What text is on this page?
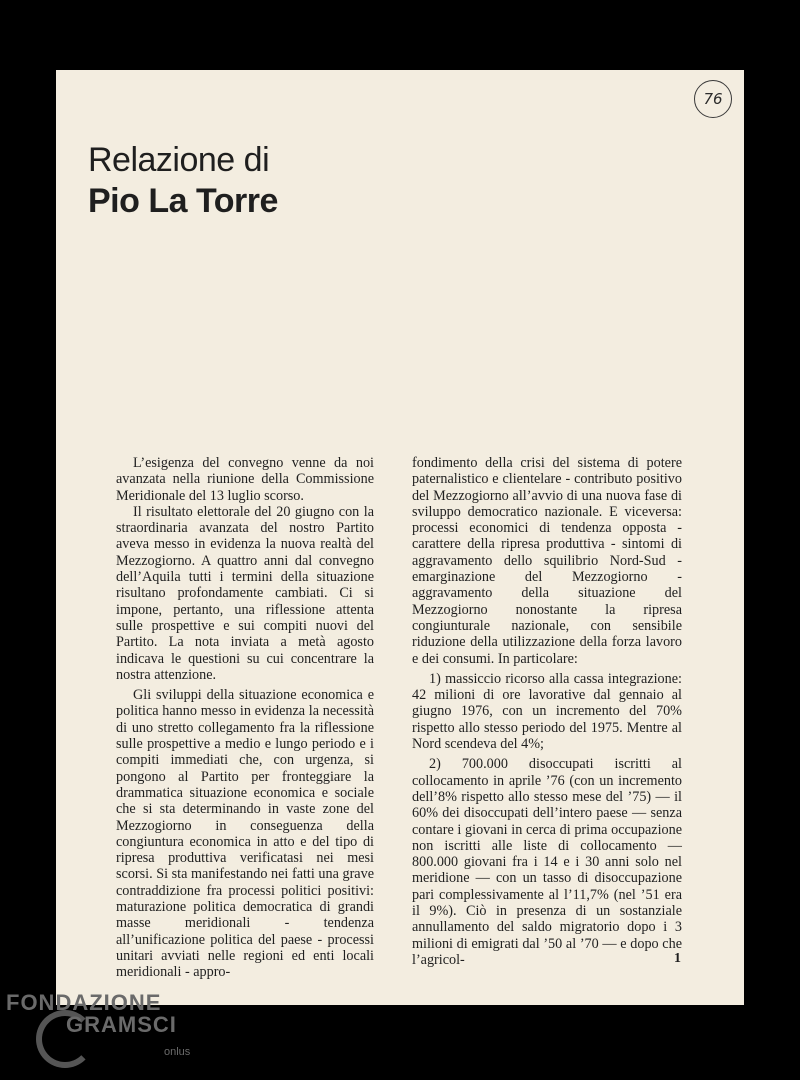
76
Relazione di
Pio La Torre

L’esigenza del convegno venne da noi avanzata nella riunione della Commissione Meridionale del 13 luglio scorso.

Il risultato elettorale del 20 giugno con la straordinaria avanzata del nostro Partito aveva messo in evidenza la nuova realtà del Mezzogiorno. A quattro anni dal convegno dell’Aquila tutti i termini della situazione risultano profondamente cambiati. Ci si impone, pertanto, una riflessione attenta sulle prospettive e sui compiti nuovi del Partito. La nota inviata a metà agosto indicava le questioni su cui concentrare la nostra attenzione.

Gli sviluppi della situazione economica e politica hanno messo in evidenza la necessità di uno stretto collegamento fra la riflessione sulle prospettive a medio e lungo periodo e i compiti immediati che, con urgenza, si pongono al Partito per fronteggiare la drammatica situazione economica e sociale che si sta determinando in vaste zone del Mezzogiorno in conseguenza della congiuntura economica in atto e del tipo di ripresa produttiva verificatasi nei mesi scorsi. Si sta manifestando nei fatti una grave contraddizione fra processi politici positivi: maturazione politica democratica di grandi masse meridionali - tendenza all’unificazione politica del paese - processi unitari avviati nelle regioni ed enti locali meridionali - appro-

fondimento della crisi del sistema di potere paternalistico e clientelare - contributo positivo del Mezzogiorno all’avvio di una nuova fase di sviluppo democratico nazionale. E viceversa: processi economici di tendenza opposta - carattere della ripresa produttiva - sintomi di aggravamento dello squilibrio Nord-Sud - emarginazione del Mezzogiorno - aggravamento della situazione del Mezzogiorno nonostante la ripresa congiunturale nazionale, con sensibile riduzione della utilizzazione della forza lavoro e dei consumi. In particolare:

1) massiccio ricorso alla cassa integrazione: 42 milioni di ore lavorative dal gennaio al giugno 1976, con un incremento del 70% rispetto allo stesso periodo del 1975. Mentre al Nord scendeva del 4%;

2) 700.000 disoccupati iscritti al collocamento in aprile ’76 (con un incremento dell’8% rispetto allo stesso mese del ’75) — il 60% dei disoccupati dell’intero paese — senza contare i giovani in cerca di prima occupazione non iscritti alle liste di collocamento — 800.000 giovani fra i 14 e i 30 anni solo nel meridione — con un tasso di disoccupazione pari complessivamente al l’11,7% (nel ’51 era il 9%). Ciò in presenza di un sostanziale annullamento del saldo migratorio dopo i 3 milioni di emigrati dal ’50 al ’70 — e dopo che l’agricol-	1
FONDAZIONE
GRAMSCI
onlus
